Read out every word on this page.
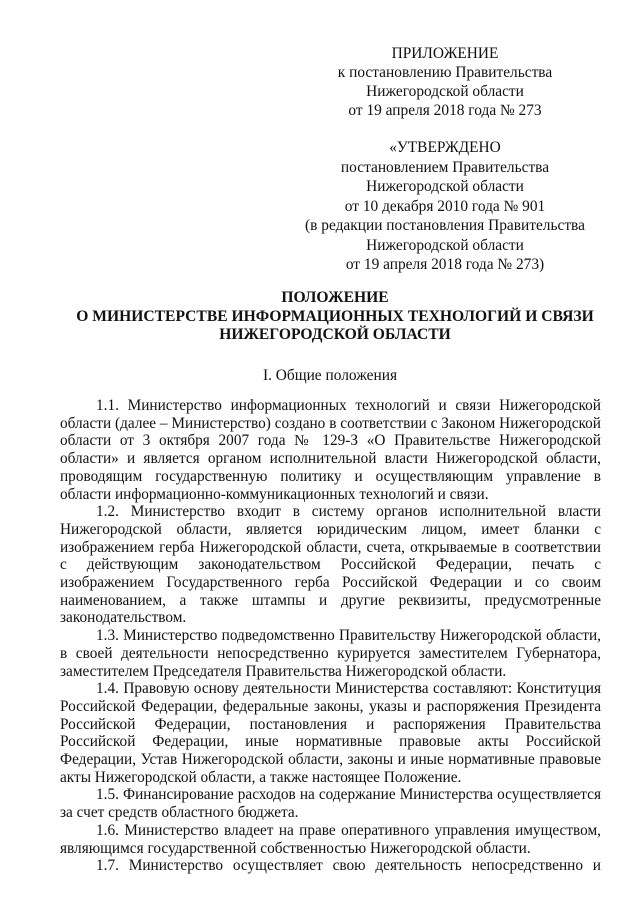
ПРИЛОЖЕНИЕ
к постановлению Правительства
Нижегородской области
от 19 апреля 2018 года № 273
«УТВЕРЖДЕНО
постановлением Правительства
Нижегородской области
от 10 декабря 2010 года № 901
(в редакции постановления Правительства
Нижегородской области
от 19 апреля 2018 года № 273)
ПОЛОЖЕНИЕ
О МИНИСТЕРСТВЕ ИНФОРМАЦИОННЫХ ТЕХНОЛОГИЙ И СВЯЗИ
НИЖЕГОРОДСКОЙ ОБЛАСТИ
I. Общие положения

1.1. Министерство информационных технологий и связи Нижегородской области (далее – Министерство) создано в соответствии с Законом Нижегородской области от 3 октября 2007 года № 129-З «О Правительстве Нижегородской области» и является органом исполнительной власти Нижегородской области, проводящим государственную политику и осуществляющим управление в области информационно-коммуникационных технологий и связи.

1.2. Министерство входит в систему органов исполнительной власти Нижегородской области, является юридическим лицом, имеет бланки с изображением герба Нижегородской области, счета, открываемые в соответствии с действующим законодательством Российской Федерации, печать с изображением Государственного герба Российской Федерации и со своим наименованием, а также штампы и другие реквизиты, предусмотренные законодательством.

1.3. Министерство подведомственно Правительству Нижегородской области, в своей деятельности непосредственно курируется заместителем Губернатора, заместителем Председателя Правительства Нижегородской области.

1.4. Правовую основу деятельности Министерства составляют: Конституция Российской Федерации, федеральные законы, указы и распоряжения Президента Российской Федерации, постановления и распоряжения Правительства Российской Федерации, иные нормативные правовые акты Российской Федерации, Устав Нижегородской области, законы и иные нормативные правовые акты Нижегородской области, а также настоящее Положение.

1.5. Финансирование расходов на содержание Министерства осуществляется за счет средств областного бюджета.

1.6. Министерство владеет на праве оперативного управления имуществом, являющимся государственной собственностью Нижегородской области.

1.7. Министерство осуществляет свою деятельность непосредственно и
